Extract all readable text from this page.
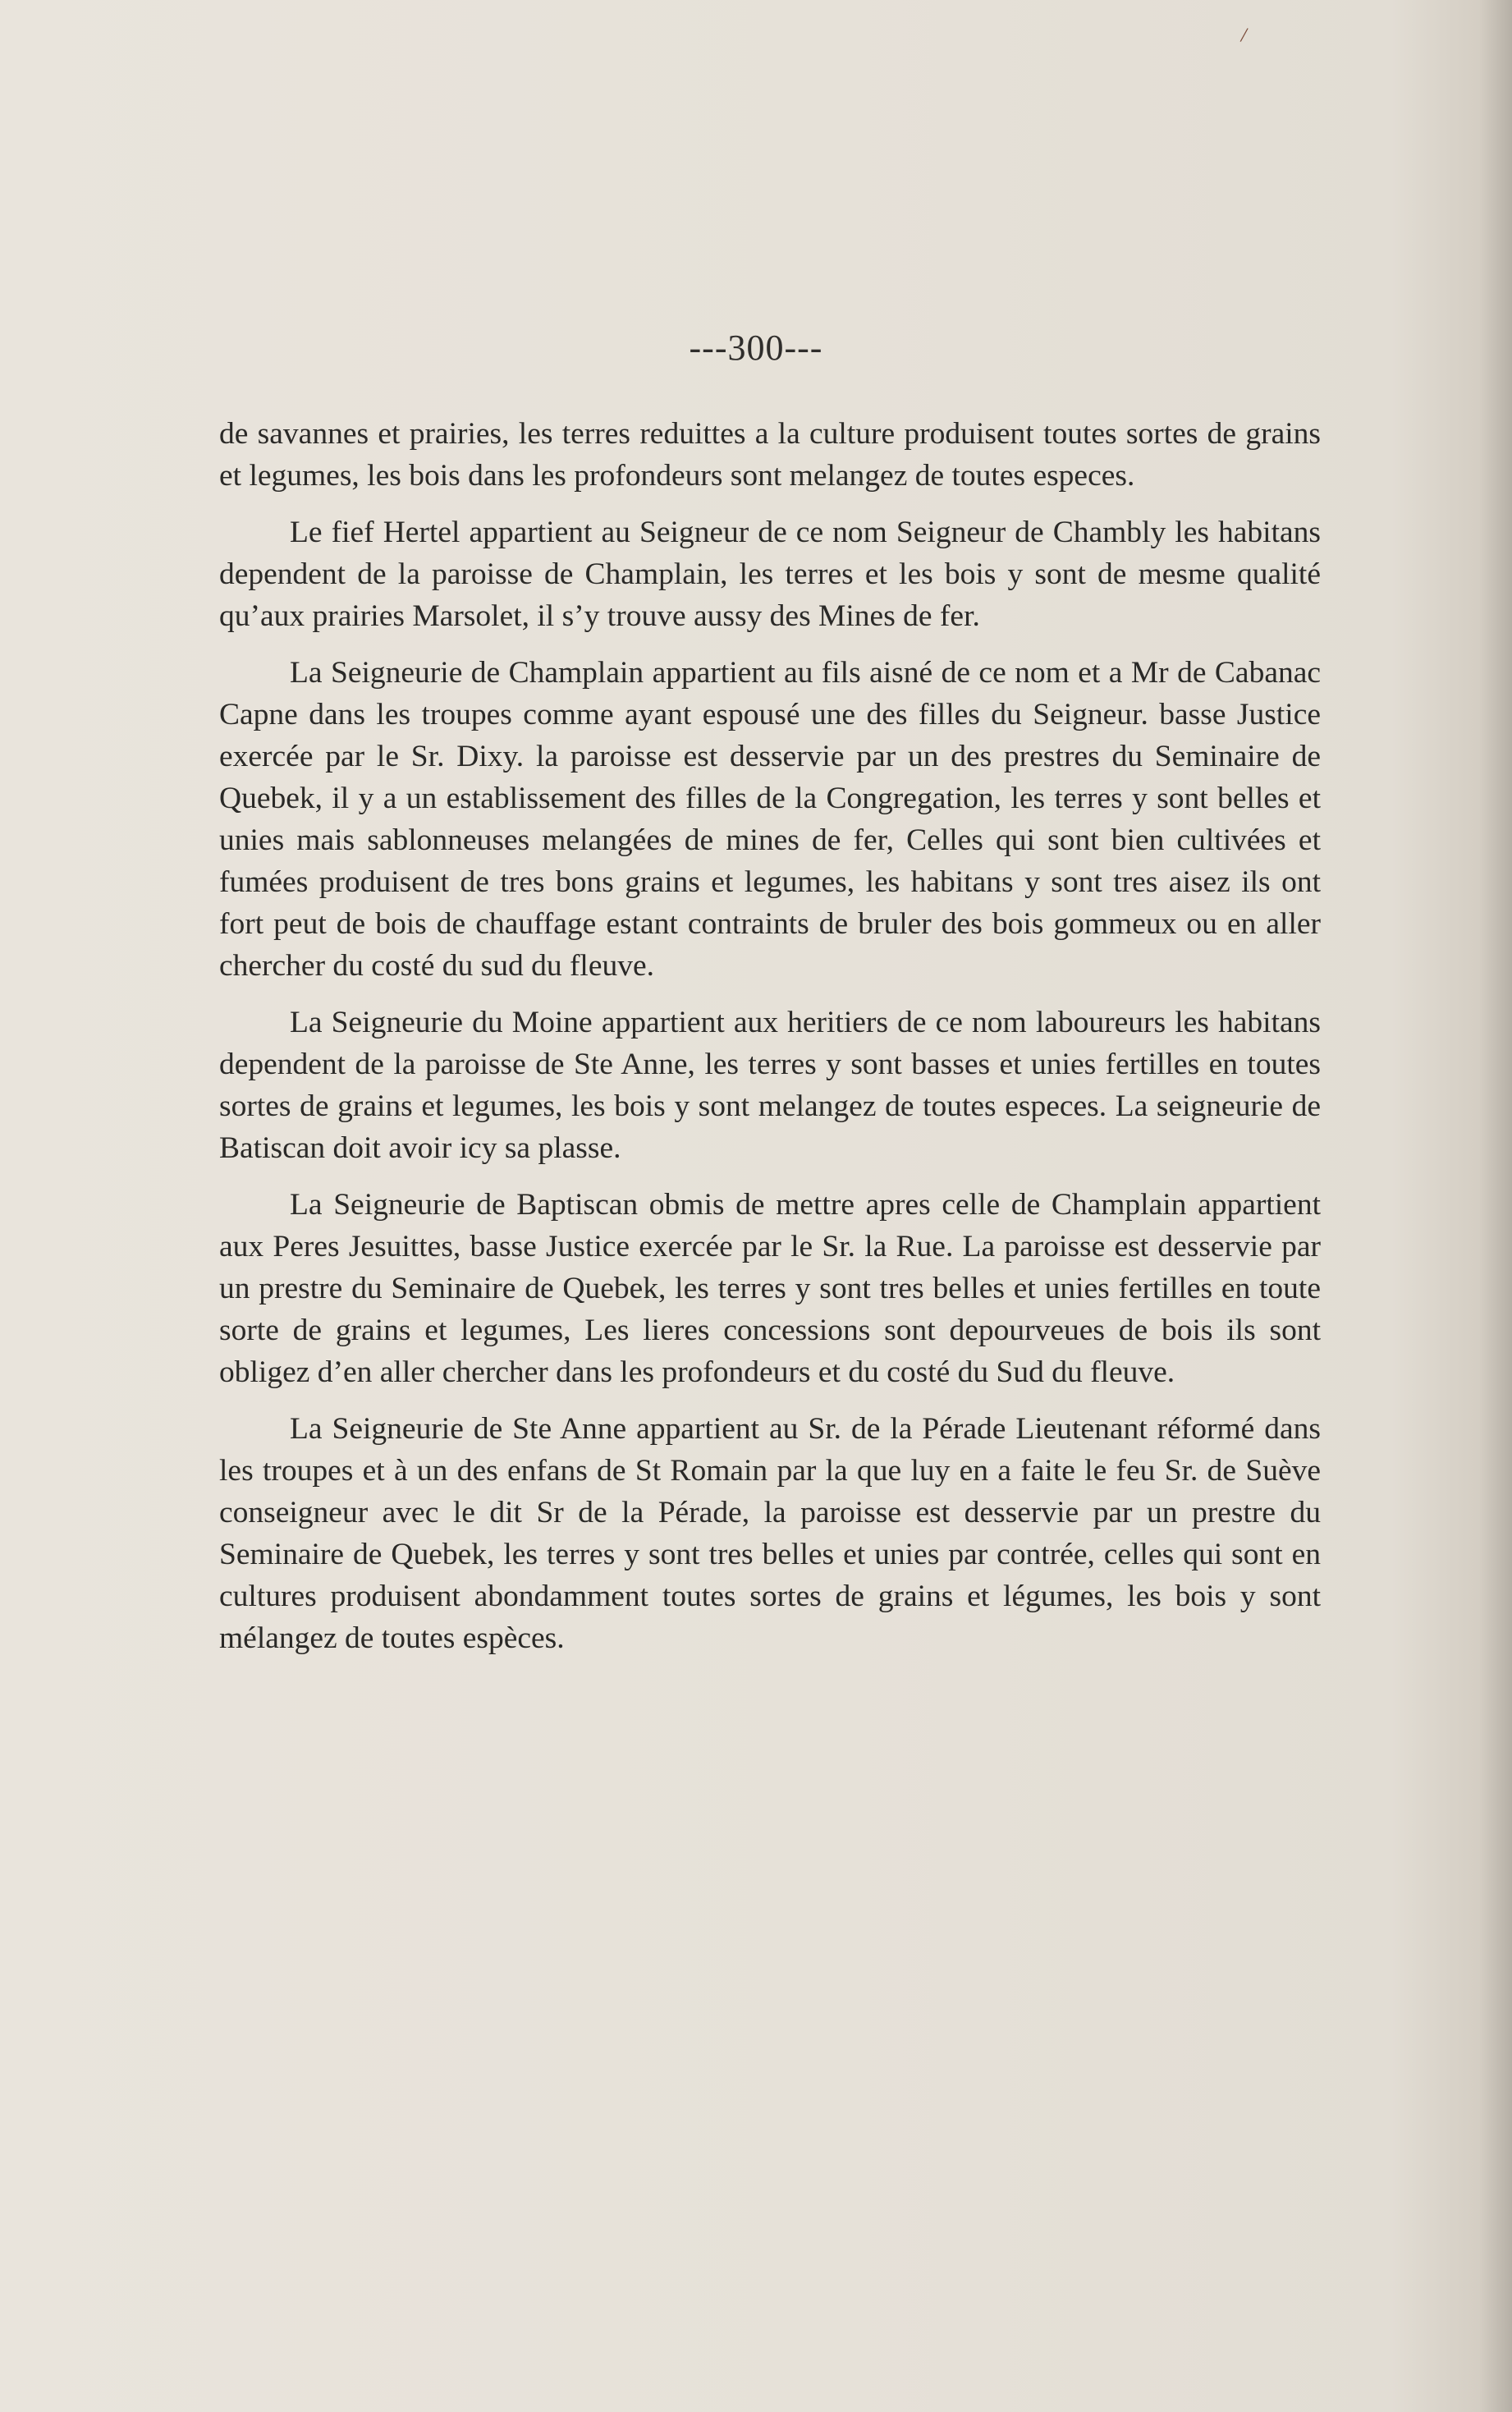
/
---300---

de savannes et prairies, les terres reduittes a la culture produisent toutes sortes de grains et legumes, les bois dans les profondeurs sont melangez de toutes especes.

Le fief Hertel appartient au Seigneur de ce nom Seigneur de Chambly les habitans dependent de la paroisse de Champlain, les terres et les bois y sont de mesme qualité qu’aux prairies Marsolet, il s’y trouve aussy des Mines de fer.

La Seigneurie de Champlain appartient au fils aisné de ce nom et a Mr de Cabanac Capne dans les troupes comme ayant espousé une des filles du Seigneur. basse Justice exercée par le Sr. Dixy. la paroisse est desservie par un des prestres du Seminaire de Quebek, il y a un establissement des filles de la Congregation, les terres y sont belles et unies mais sablonneuses melangées de mines de fer, Celles qui sont bien cultivées et fumées produisent de tres bons grains et legumes, les habitans y sont tres aisez ils ont fort peut de bois de chauffage estant contraints de bruler des bois gommeux ou en aller chercher du costé du sud du fleuve.

La Seigneurie du Moine appartient aux heritiers de ce nom laboureurs les habitans dependent de la paroisse de Ste Anne, les terres y sont basses et unies fertilles en toutes sortes de grains et legumes, les bois y sont melangez de toutes especes. La seigneurie de Batiscan doit avoir icy sa plasse.

La Seigneurie de Baptiscan obmis de mettre apres celle de Champlain appartient aux Peres Jesuittes, basse Justice exercée par le Sr. la Rue. La paroisse est desservie par un prestre du Seminaire de Quebek, les terres y sont tres belles et unies fertilles en toute sorte de grains et legumes, Les lieres concessions sont depourveues de bois ils sont obligez d’en aller chercher dans les profondeurs et du costé du Sud du fleuve.

La Seigneurie de Ste Anne appartient au Sr. de la Pérade Lieutenant réformé dans les troupes et à un des enfans de St Romain par la que luy en a faite le feu Sr. de Suève conseigneur avec le dit Sr de la Pérade, la paroisse est desservie par un prestre du Seminaire de Quebek, les terres y sont tres belles et unies par contrée, celles qui sont en cultures produisent abondamment toutes sortes de grains et légumes, les bois y sont mélangez de toutes espèces.
